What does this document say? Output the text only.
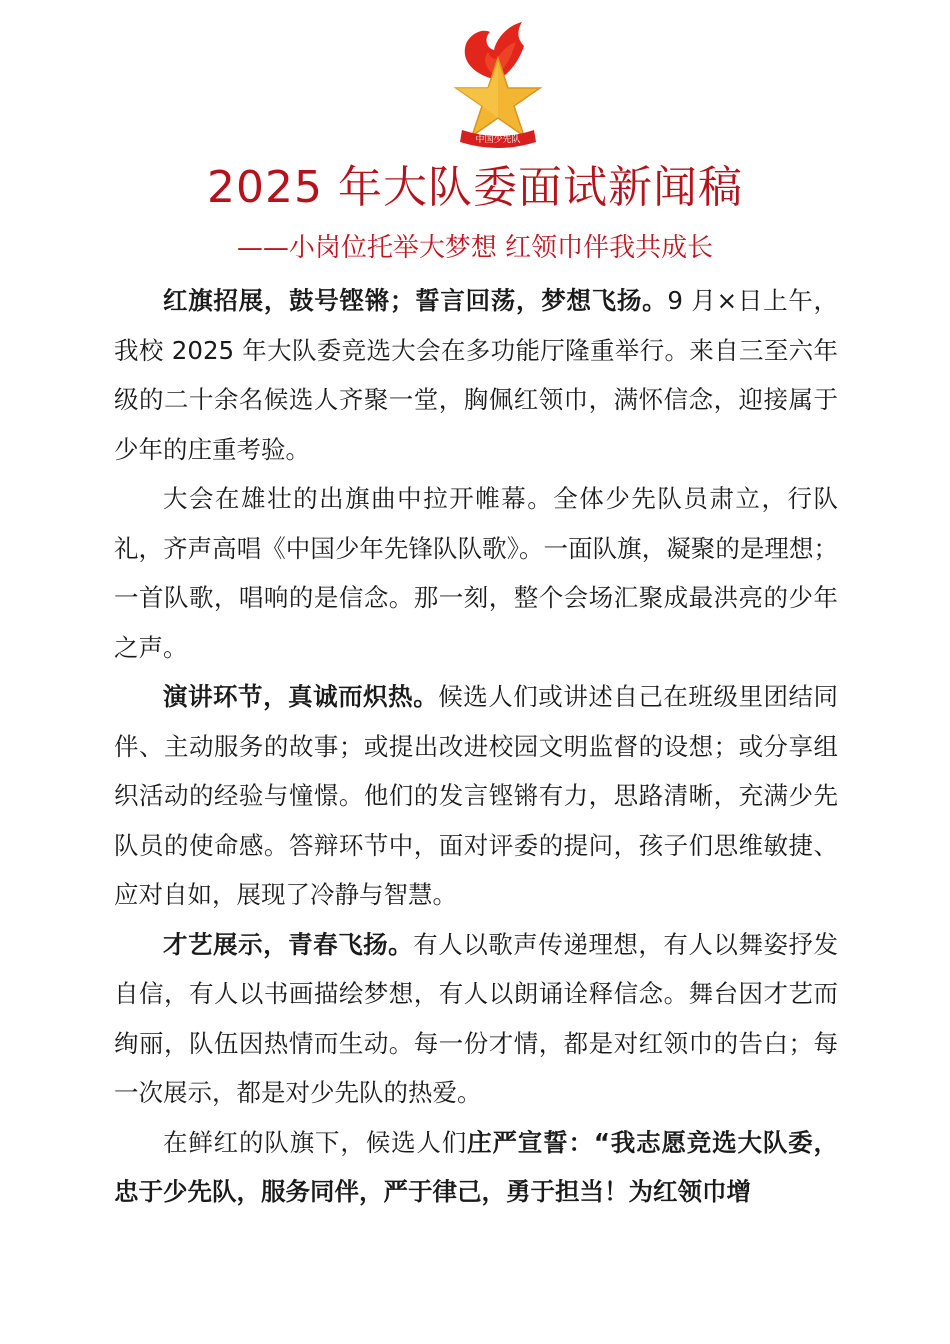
中国少先队
2025 年大队委面试新闻稿
——小岗位托举大梦想 红领巾伴我共成长

红旗招展，鼓号铿锵；誓言回荡，梦想飞扬。9 月×日上午，我校 2025 年大队委竞选大会在多功能厅隆重举行。来自三至六年级的二十余名候选人齐聚一堂，胸佩红领巾，满怀信念，迎接属于少年的庄重考验。

大会在雄壮的出旗曲中拉开帷幕。全体少先队员肃立，行队礼，齐声高唱《中国少年先锋队队歌》。一面队旗，凝聚的是理想；一首队歌，唱响的是信念。那一刻，整个会场汇聚成最洪亮的少年之声。

演讲环节，真诚而炽热。候选人们或讲述自己在班级里团结同伴、主动服务的故事；或提出改进校园文明监督的设想；或分享组织活动的经验与憧憬。他们的发言铿锵有力，思路清晰，充满少先队员的使命感。答辩环节中，面对评委的提问，孩子们思维敏捷、应对自如，展现了冷静与智慧。

才艺展示，青春飞扬。有人以歌声传递理想，有人以舞姿抒发自信，有人以书画描绘梦想，有人以朗诵诠释信念。舞台因才艺而绚丽，队伍因热情而生动。每一份才情，都是对红领巾的告白；每一次展示，都是对少先队的热爱。

在鲜红的队旗下，候选人们庄严宣誓：“我志愿竞选大队委，忠于少先队，服务同伴，严于律己，勇于担当！为红领巾增
